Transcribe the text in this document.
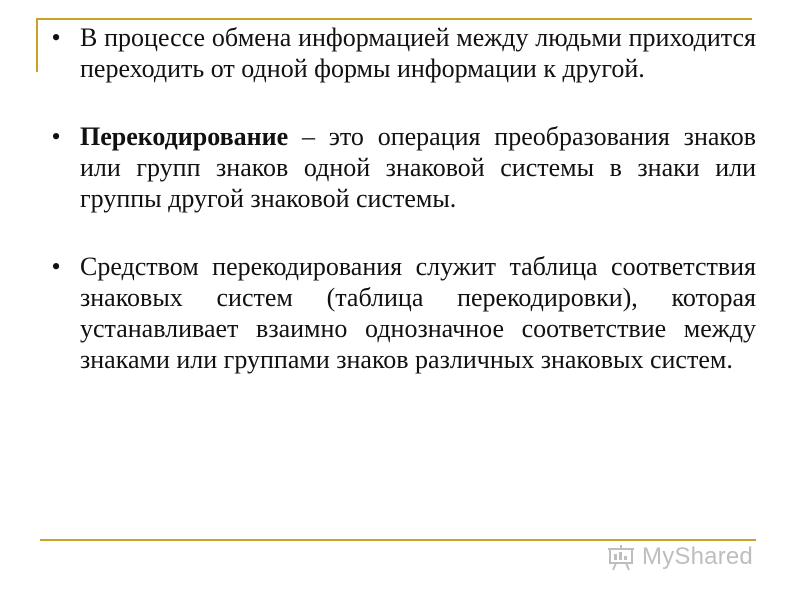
• В процессе обмена информацией между людьми приходится переходить от одной формы информации к другой.
• Перекодирование – это операция преобразования знаков или групп знаков одной знаковой системы в знаки или группы другой знаковой системы.
• Средством перекодирования служит таблица соответствия знаковых систем (таблица перекодировки), которая устанавливает взаимно однозначное соответствие между знаками или группами знаков различных знаковых систем.
MyShared
